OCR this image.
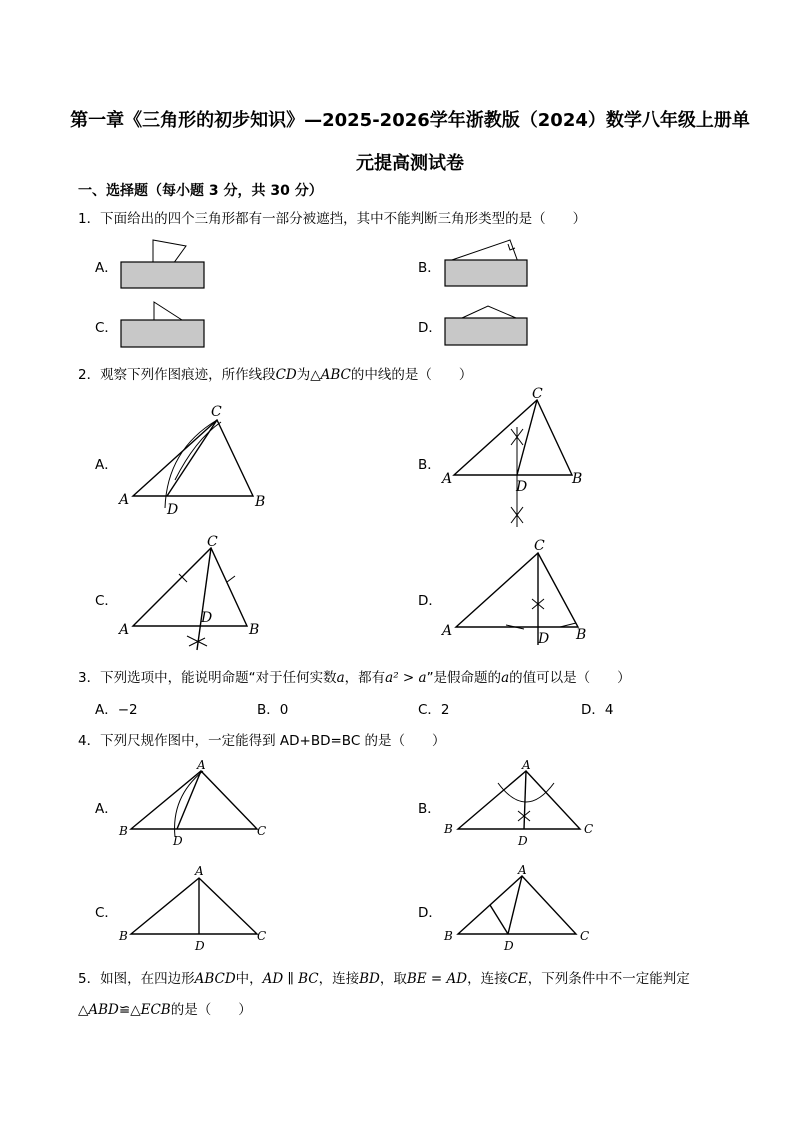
第一章《三角形的初步知识》—2025-2026学年浙教版（2024）数学八年级上册单
元提高测试卷
一、选择题（每小题 3 分，共 30 分）
1．下面给出的四个三角形都有一部分被遮挡，其中不能判断三角形类型的是（　　）
A．	B．
C．	D．
2．观察下列作图痕迹，所作线段CD为△ABC的中线的是（　　）
A．
A
C
B
D
B．
A
C
B
D
C．
A
C
B
D
D．
A
C
B
D
3．下列选项中，能说明命题“对于任何实数a，都有a² > a”是假命题的a的值可以是（　　）
A．−2	B．0	C．2	D．4
4．下列尺规作图中，一定能得到 AD+BD=BC 的是（　　）
A．
B
A
C
D
B．
B
A
C
D
C．
B
A
C
D
D．
B
A
C
D
5．如图，在四边形ABCD中，AD ∥ BC，连接BD，取BE = AD，连接CE，下列条件中不一定能判定
△ABD≌△ECB的是（　　）
